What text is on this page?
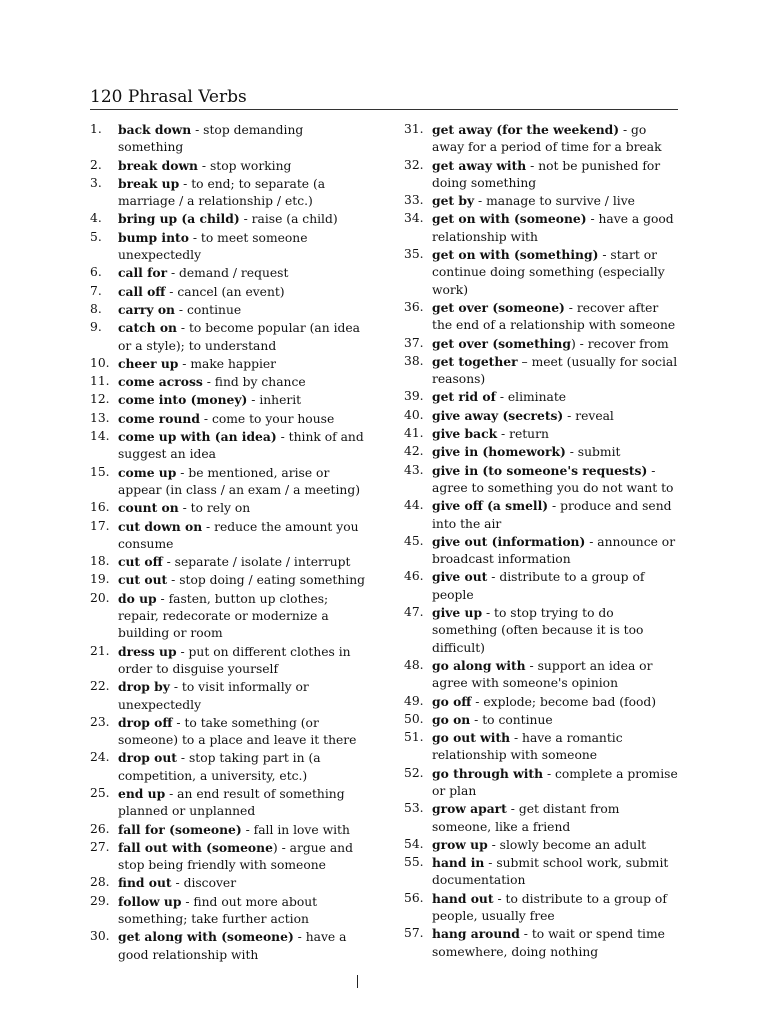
120 Phrasal Verbs
1.	back down - stop demanding something
2.	break down - stop working
3.	break up - to end; to separate (a marriage / a relationship / etc.)
4.	bring up (a child) - raise (a child)
5.	bump into - to meet someone unexpectedly
6.	call for - demand / request
7.	call off - cancel (an event)
8.	carry on - continue
9.	catch on - to become popular (an idea or a style); to understand
10. cheer up - make happier
11. come across - find by chance
12. come into (money) - inherit
13. come round - come to your house
14. come up with (an idea) - think of and suggest an idea
15. come up - be mentioned, arise or appear (in class / an exam / a meeting)
16. count on - to rely on
17. cut down on - reduce the amount you consume
18. cut off - separate / isolate / interrupt
19. cut out - stop doing / eating something
20. do up - fasten, button up clothes; repair, redecorate or modernize a building or room
21. dress up - put on different clothes in order to disguise yourself
22. drop by - to visit informally or unexpectedly
23. drop off - to take something (or someone) to a place and leave it there
24. drop out - stop taking part in (a competition, a university, etc.)
25. end up - an end result of something planned or unplanned
26. fall for (someone) - fall in love with
27. fall out with (someone) - argue and stop being friendly with someone
28. find out - discover
29. follow up - find out more about something; take further action
30. get along with (someone) - have a good relationship with
31. get away (for the weekend) - go away for a period of time for a break
32. get away with - not be punished for doing something
33. get by - manage to survive / live
34. get on with (someone) - have a good relationship with
35. get on with (something) - start or continue doing something (especially work)
36. get over (someone) - recover after the end of a relationship with someone
37. get over (something) - recover from
38. get together – meet (usually for social reasons)
39. get rid of - eliminate
40. give away (secrets) - reveal
41. give back - return
42. give in (homework) - submit
43. give in (to someone's requests) - agree to something you do not want to
44. give off (a smell) - produce and send into the air
45. give out (information) - announce or broadcast information
46. give out - distribute to a group of people
47. give up - to stop trying to do something (often because it is too difficult)
48. go along with - support an idea or agree with someone's opinion
49. go off - explode; become bad (food)
50. go on - to continue
51. go out with - have a romantic relationship with someone
52. go through with - complete a promise or plan
53. grow apart - get distant from someone, like a friend
54. grow up - slowly become an adult
55. hand in - submit school work, submit documentation
56. hand out - to distribute to a group of people, usually free
57. hang around - to wait or spend time somewhere, doing nothing
